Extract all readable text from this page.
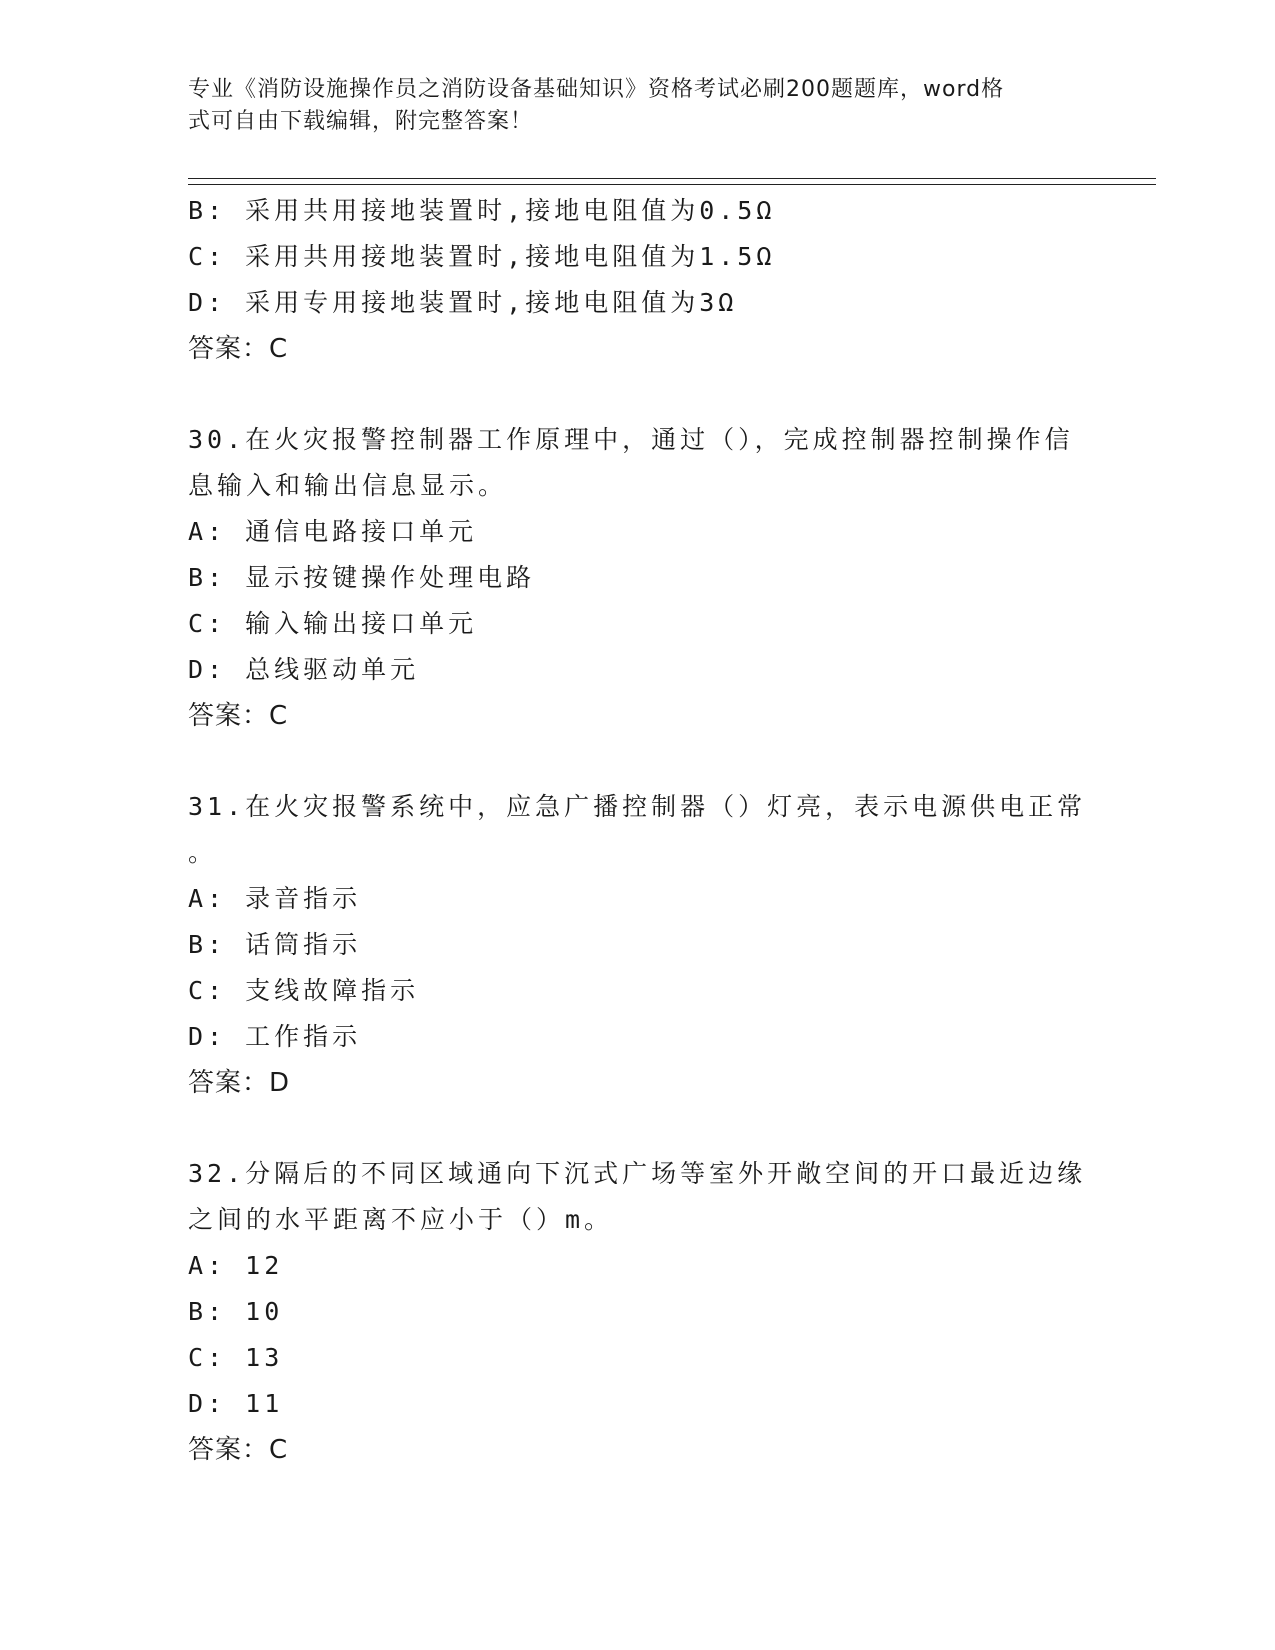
专业《消防设施操作员之消防设备基础知识》资格考试必刷200题题库，word格
式可自由下载编辑，附完整答案！
B: 采用共用接地装置时,接地电阻值为0.5Ω
C: 采用共用接地装置时,接地电阻值为1.5Ω
D: 采用专用接地装置时,接地电阻值为3Ω
答案：C
30.在火灾报警控制器工作原理中，通过（），完成控制器控制操作信
息输入和输出信息显示。
A: 通信电路接口单元
B: 显示按键操作处理电路
C: 输入输出接口单元
D: 总线驱动单元
答案：C
31.在火灾报警系统中，应急广播控制器（）灯亮，表示电源供电正常
。
A: 录音指示
B: 话筒指示
C: 支线故障指示
D: 工作指示
答案：D
32.分隔后的不同区域通向下沉式广场等室外开敞空间的开口最近边缘
之间的水平距离不应小于（）m。
A: 12
B: 10
C: 13
D: 11
答案：C
